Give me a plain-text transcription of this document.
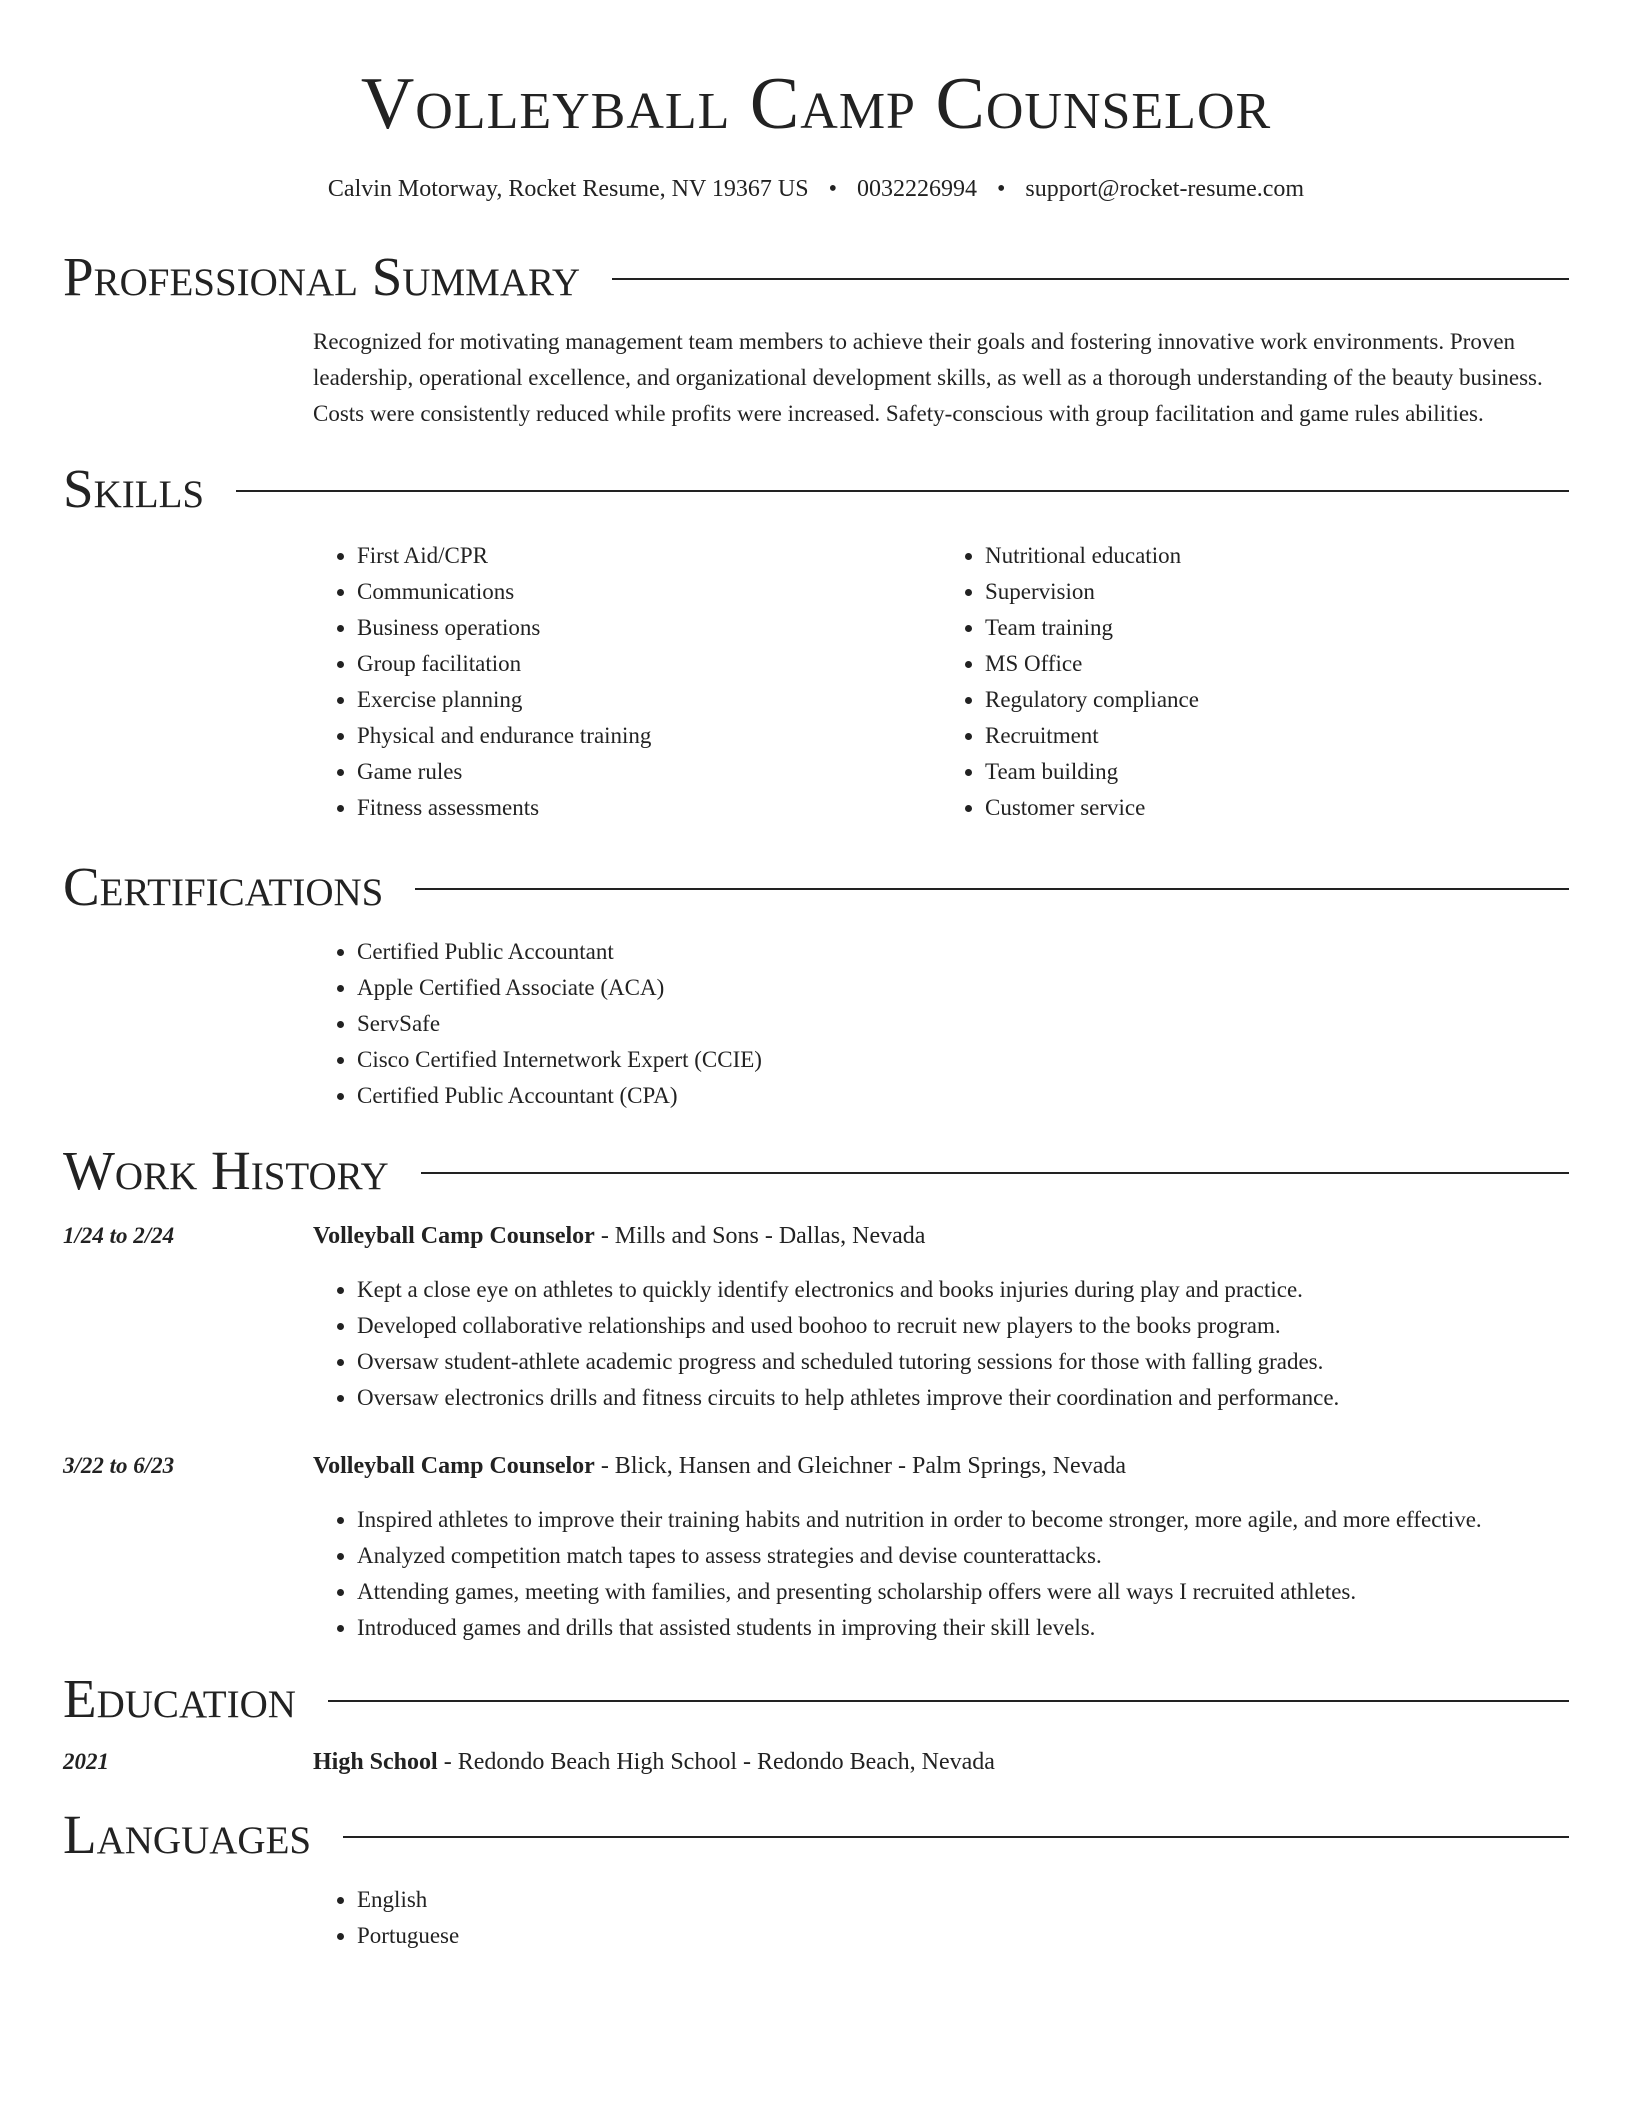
Volleyball Camp Counselor
Calvin Motorway, Rocket Resume, NV 19367 US • 0032226994 • support@rocket-resume.com
Professional Summary
Recognized for motivating management team members to achieve their goals and fostering innovative work environments. Proven leadership, operational excellence, and organizational development skills, as well as a thorough understanding of the beauty business. Costs were consistently reduced while profits were increased. Safety-conscious with group facilitation and game rules abilities.
Skills
• First Aid/CPR
• Communications
• Business operations
• Group facilitation
• Exercise planning
• Physical and endurance training
• Game rules
• Fitness assessments
• Nutritional education
• Supervision
• Team training
• MS Office
• Regulatory compliance
• Recruitment
• Team building
• Customer service
Certifications
• Certified Public Accountant
• Apple Certified Associate (ACA)
• ServSafe
• Cisco Certified Internetwork Expert (CCIE)
• Certified Public Accountant (CPA)
Work History
1/24 to 2/24	Volleyball Camp Counselor - Mills and Sons - Dallas, Nevada
• Kept a close eye on athletes to quickly identify electronics and books injuries during play and practice.
• Developed collaborative relationships and used boohoo to recruit new players to the books program.
• Oversaw student-athlete academic progress and scheduled tutoring sessions for those with falling grades.
• Oversaw electronics drills and fitness circuits to help athletes improve their coordination and performance.
3/22 to 6/23	Volleyball Camp Counselor - Blick, Hansen and Gleichner - Palm Springs, Nevada
• Inspired athletes to improve their training habits and nutrition in order to become stronger, more agile, and more effective.
• Analyzed competition match tapes to assess strategies and devise counterattacks.
• Attending games, meeting with families, and presenting scholarship offers were all ways I recruited athletes.
• Introduced games and drills that assisted students in improving their skill levels.
Education
2021	High School - Redondo Beach High School - Redondo Beach, Nevada
Languages
• English
• Portuguese
